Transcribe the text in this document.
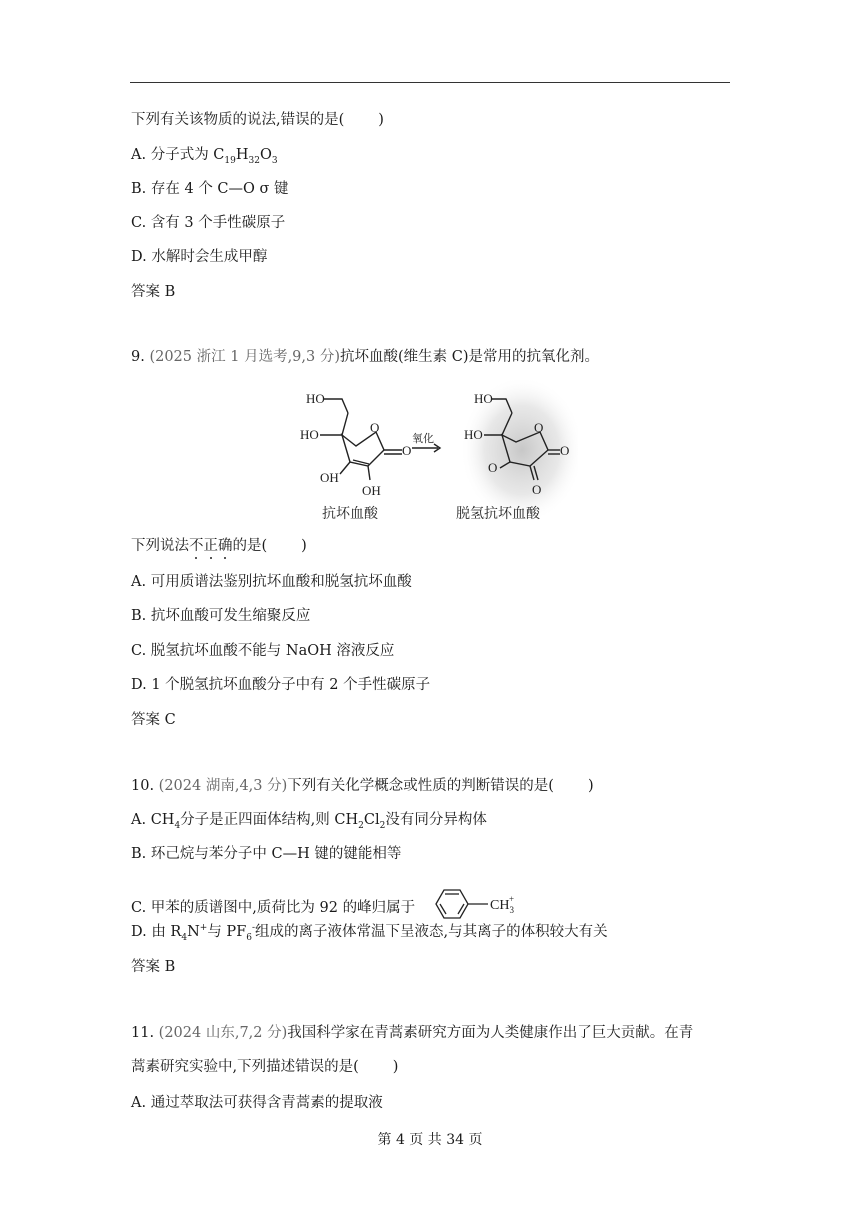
下列有关该物质的说法,错误的是( )
A. 分子式为 $C_{19}H_{32}O_3$
B. 存在 4 个 C—O σ 键
C. 含有 3 个手性碳原子
D. 水解时会生成甲醇
答案 B
9. (2025 浙江 1 月选考,9,3 分)抗坏血酸(维生素 C)是常用的抗氧化剂。
HO
HO	O
O
OH
OH
氧化
HO
HO	O
O
O
O
抗坏血酸	脱氢抗坏血酸
下列说法不正确的是( )
A. 可用质谱法鉴别抗坏血酸和脱氢抗坏血酸
B. 抗坏血酸可发生缩聚反应
C. 脱氢抗坏血酸不能与 NaOH 溶液反应
D. 1 个脱氢抗坏血酸分子中有 2 个手性碳原子
答案 C
10. (2024 湖南,4,3 分)下列有关化学概念或性质的判断错误的是( )
A. $CH_4$分子是正四面体结构,则 $CH_2Cl_2$没有同分异构体
B. 环己烷与苯分子中 C—H 键的键能相等
C. 甲苯的质谱图中,质荷比为 92 的峰归属于	$CH_3+$
D. 由 $R_4N^+$与 $PF_6^-$组成的离子液体常温下呈液态,与其离子的体积较大有关
答案 B
11. (2024 山东,7,2 分)我国科学家在青蒿素研究方面为人类健康作出了巨大贡献。在青
蒿素研究实验中,下列描述错误的是( )
A. 通过萃取法可获得含青蒿素的提取液
第 4 页 共 34 页
